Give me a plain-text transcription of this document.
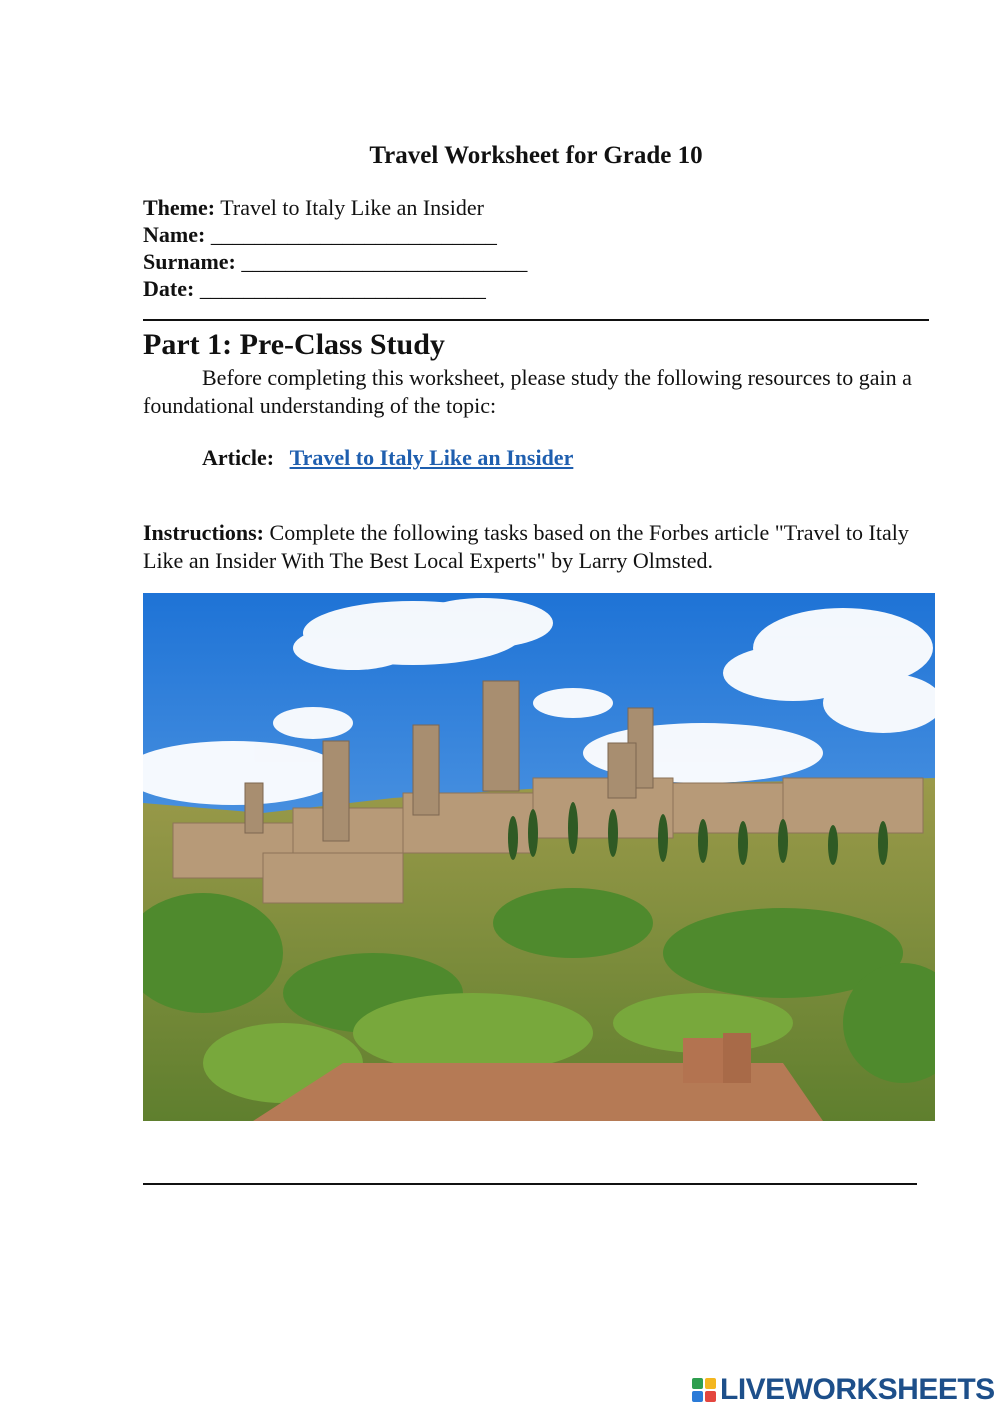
Travel Worksheet for Grade 10
Theme: Travel to Italy Like an Insider
Name: __________________________
Surname: __________________________
Date: __________________________
Part 1: Pre-Class Study
Before completing this worksheet, please study the following resources to gain a foundational understanding of the topic:
Article: Travel to Italy Like an Insider
Instructions: Complete the following tasks based on the Forbes article "Travel to Italy Like an Insider With The Best Local Experts" by Larry Olmsted.
LIVEWORKSHEETS
